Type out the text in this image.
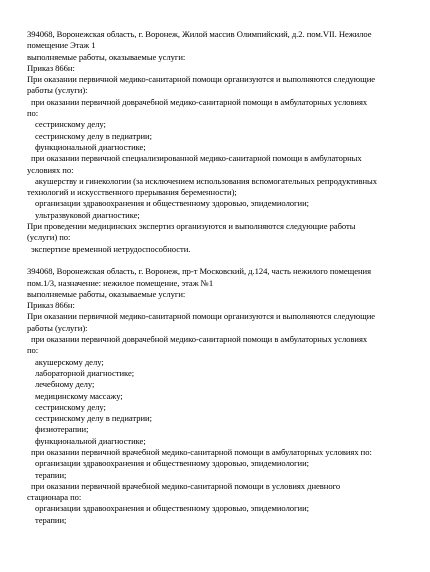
394068, Воронежская область, г. Воронеж, Жилой массив Олимпийский, д.2. пом.VII. Нежилое
помещение Этаж 1
выполняемые работы, оказываемые услуги:
Приказ 866н:
При оказании первичной медико-санитарной помощи организуются и выполняются следующие
работы (услуги):
при оказании первичной доврачебной медико-санитарной помощи в амбулаторных условиях
по:
сестринскому делу;
сестринскому делу в педиатрии;
функциональной диагностике;
при оказании первичной специализированной медико-санитарной помощи в амбулаторных
условиях по:
акушерству и гинекологии (за исключением использования вспомогательных репродуктивных
технологий и искусственного прерывания беременности);
организации здравоохранения и общественному здоровью, эпидемиологии;
ультразвуковой диагностике;
При проведении медицинских экспертиз организуются и выполняются следующие работы
(услуги) по:
экспертизе временной нетрудоспособности.
394068, Воронежская область, г. Воронеж, пр-т Московский, д.124, часть нежилого помещения
пом.1/3, назначение: нежилое помещение, этаж №1
выполняемые работы, оказываемые услуги:
Приказ 866н:
При оказании первичной медико-санитарной помощи организуются и выполняются следующие
работы (услуги):
при оказании первичной доврачебной медико-санитарной помощи в амбулаторных условиях
по:
акушерскому делу;
лабораторной диагностике;
лечебному делу;
медицинскому массажу;
сестринскому делу;
сестринскому делу в педиатрии;
физиотерапии;
функциональной диагностике;
при оказании первичной врачебной медико-санитарной помощи в амбулаторных условиях по:
организации здравоохранения и общественному здоровью, эпидемиологии;
терапии;
при оказании первичной врачебной медико-санитарной помощи в условиях дневного
стационара по:
организации здравоохранения и общественному здоровью, эпидемиологии;
терапии;
